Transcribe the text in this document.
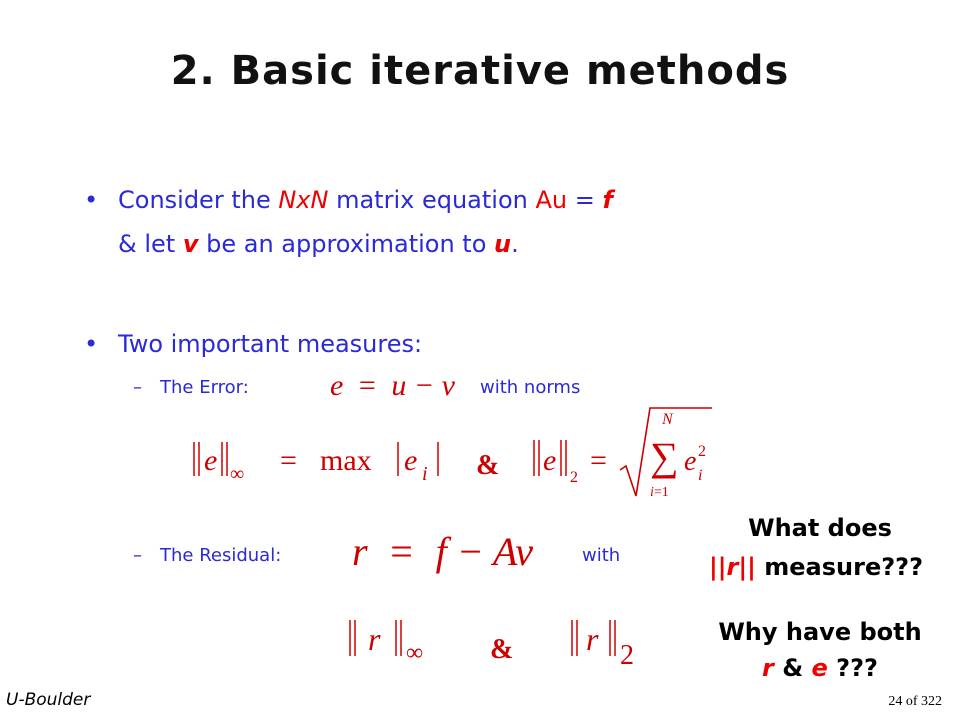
2. Basic iterative methods
• Consider the NxN matrix equation Au = f
& let v be an approximation to u.
• Two important measures:
– The Error:	e = u − v with norms
e ∞ = max e i & e
2
=
N
∑
i=1
e i
2
– The Residual: r = f − Av	with
r ∞ & r 2
What does
||r|| measure???
Why have both
r & e ???
U-Boulder	24 of 322
